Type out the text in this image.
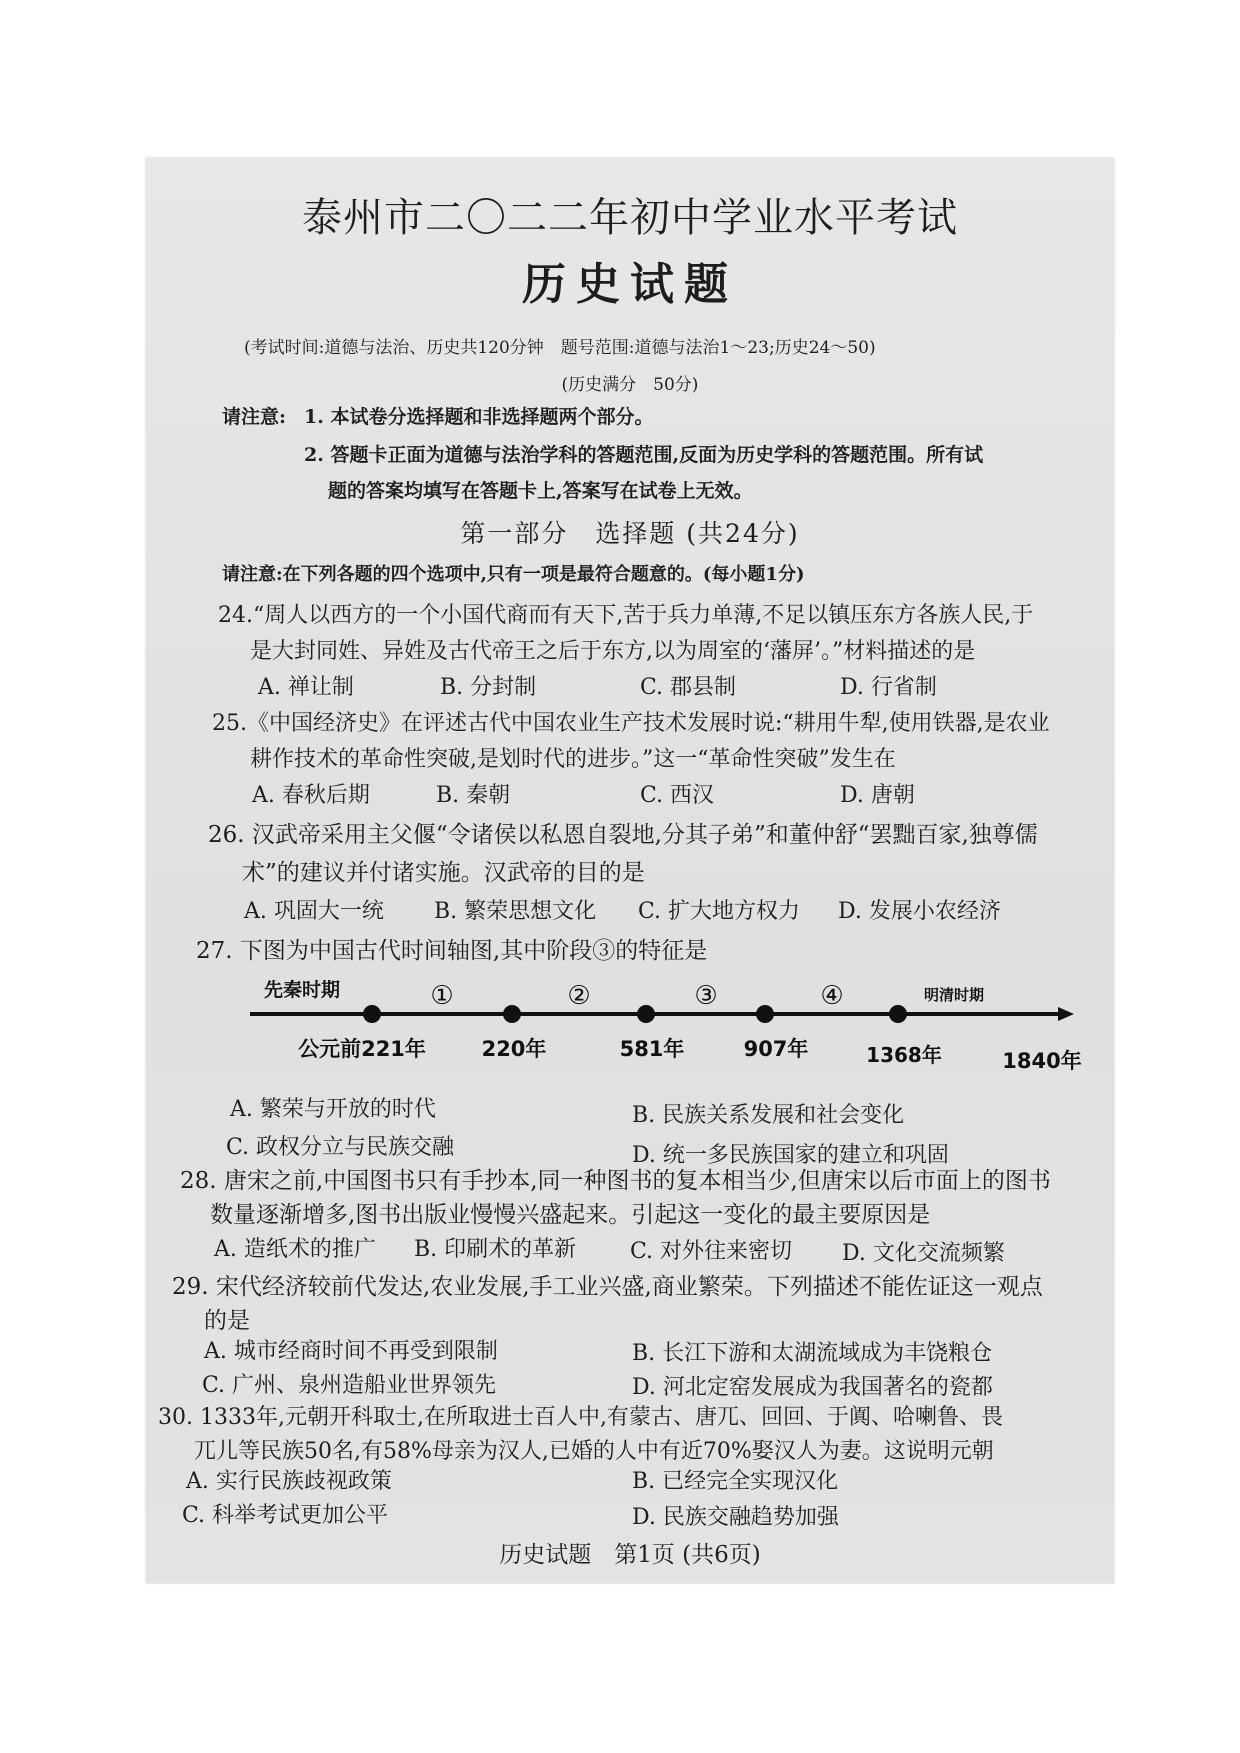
泰州市二〇二二年初中学业水平考试
历史试题
(考试时间:道德与法治、历史共120分钟　题号范围:道德与法治1～23;历史24～50)
(历史满分　50分)
请注意: 1. 本试卷分选择题和非选择题两个部分。
2. 答题卡正面为道德与法治学科的答题范围,反面为历史学科的答题范围。所有试
题的答案均填写在答题卡上,答案写在试卷上无效。
第一部分　选择题 (共24分)
请注意:在下列各题的四个选项中,只有一项是最符合题意的。(每小题1分)
24.“周人以西方的一个小国代商而有天下,苦于兵力单薄,不足以镇压东方各族人民,于
是大封同姓、异姓及古代帝王之后于东方,以为周室的‘藩屏’。”材料描述的是
A. 禅让制	B. 分封制	C. 郡县制	D. 行省制
25.《中国经济史》在评述古代中国农业生产技术发展时说:“耕用牛犁,使用铁器,是农业
耕作技术的革命性突破,是划时代的进步。”这一“革命性突破”发生在
A. 春秋后期	B. 秦朝	C. 西汉	D. 唐朝
26. 汉武帝采用主父偃“令诸侯以私恩自裂地,分其子弟”和董仲舒“罢黜百家,独尊儒
术”的建议并付诸实施。汉武帝的目的是
A. 巩固大一统 B. 繁荣思想文化 C. 扩大地方权力 D. 发展小农经济
27. 下图为中国古代时间轴图,其中阶段③的特征是
先秦时期	明清时期
①	②	③	④
公元前221年	220年	581年	907年	1368年	1840年
A. 繁荣与开放的时代	B. 民族关系发展和社会变化
C. 政权分立与民族交融	D. 统一多民族国家的建立和巩固
28. 唐宋之前,中国图书只有手抄本,同一种图书的复本相当少,但唐宋以后市面上的图书
数量逐渐增多,图书出版业慢慢兴盛起来。引起这一变化的最主要原因是
A. 造纸术的推广 B. 印刷术的革新 C. 对外往来密切 D. 文化交流频繁
29. 宋代经济较前代发达,农业发展,手工业兴盛,商业繁荣。下列描述不能佐证这一观点
的是
A. 城市经商时间不再受到限制	B. 长江下游和太湖流域成为丰饶粮仓
C. 广州、泉州造船业世界领先	D. 河北定窑发展成为我国著名的瓷都
30. 1333年,元朝开科取士,在所取进士百人中,有蒙古、唐兀、回回、于阗、哈喇鲁、畏
兀儿等民族50名,有58%母亲为汉人,已婚的人中有近70%娶汉人为妻。这说明元朝
历史试题　第1页 (共6页)
A. 实行民族歧视政策	B. 已经完全实现汉化
C. 科举考试更加公平	D. 民族交融趋势加强
